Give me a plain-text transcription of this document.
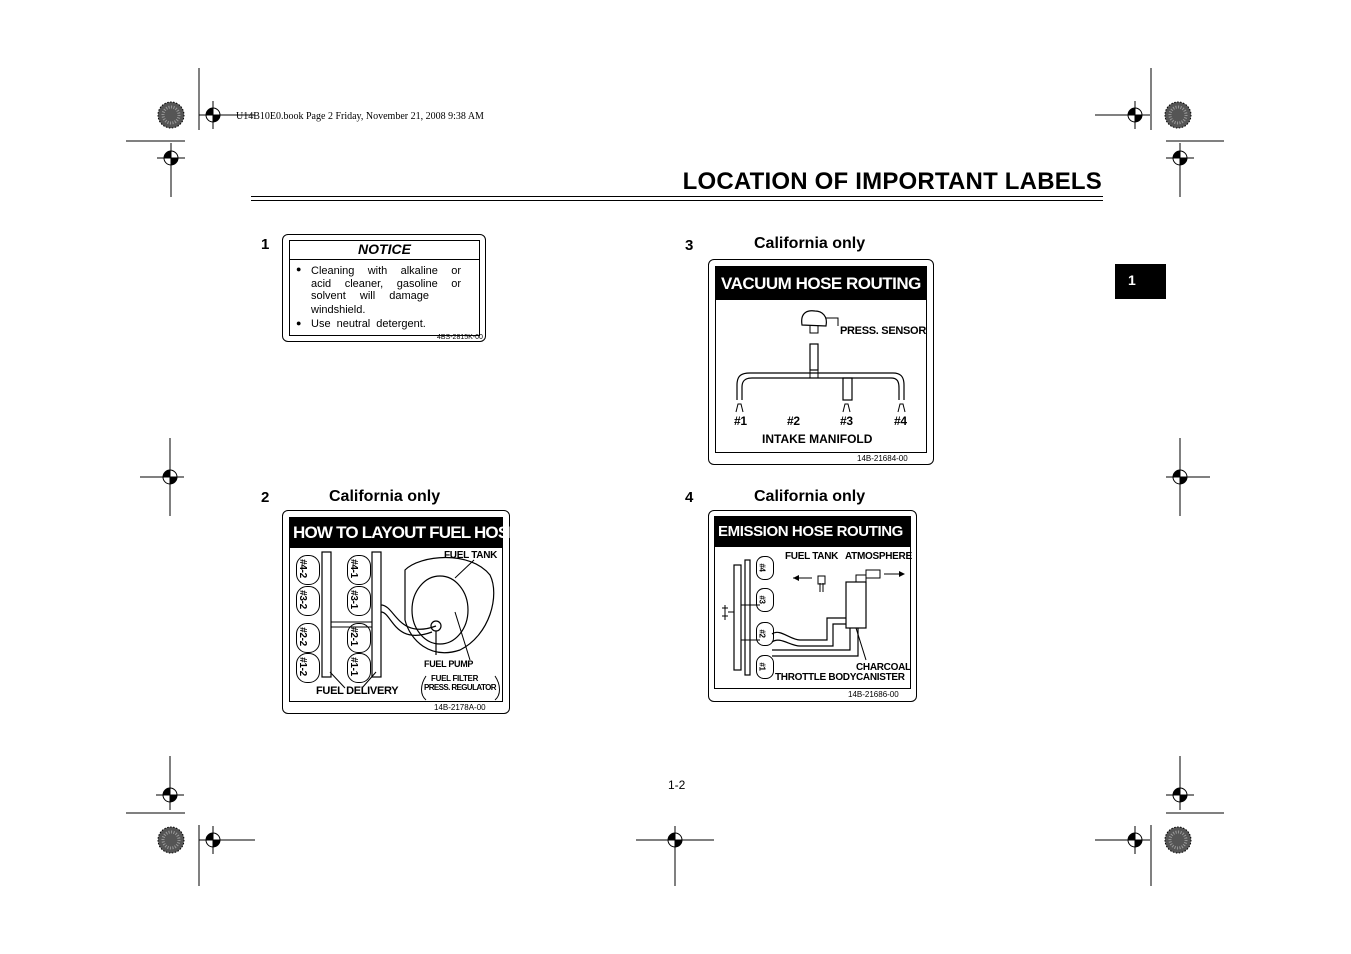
U14B10E0.book Page 2 Friday, November 21, 2008 9:38 AM
LOCATION OF IMPORTANT LABELS
1
1-2
1	NOTICE
● Cleaning with alkaline or
acid cleaner, gasoline or
solvent will damage
windshield.
● Use neutral detergent.
4BS-2815K-00
2	California only
HOW TO LAYOUT FUEL HOSES
#4-2
#3-2
#2-2
#1-2
#4-1
#3-1
#2-1
#1-1
FUEL TANK
FUEL PUMP
FUEL FILTER
PRESS. REGULATOR
FUEL DELIVERY
14B-2178A-00
3	California only
VACUUM HOSE ROUTING
PRESS. SENSOR
#1	#2	#3	#4
INTAKE MANIFOLD
14B-21684-00
4	California only
EMISSION HOSE ROUTING
#4
#3
#2
#1
FUEL TANK ATMOSPHERE
THROTTLE BODY
CHARCOAL
CANISTER
14B-21686-00
